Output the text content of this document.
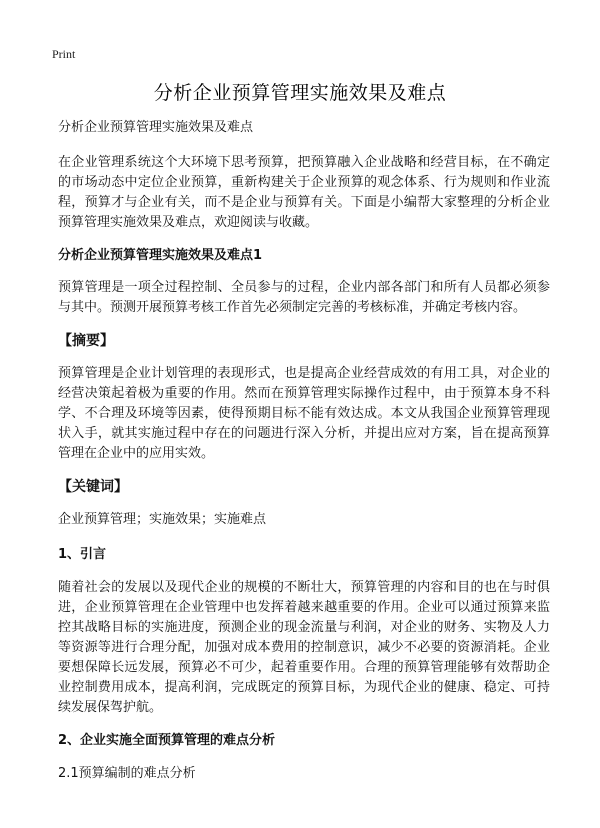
Print
分析企业预算管理实施效果及难点

分析企业预算管理实施效果及难点

在企业管理系统这个大环境下思考预算，把预算融入企业战略和经营目标，在不确定的市场动态中定位企业预算，重新构建关于企业预算的观念体系、行为规则和作业流程，预算才与企业有关，而不是企业与预算有关。下面是小编帮大家整理的分析企业预算管理实施效果及难点，欢迎阅读与收藏。

分析企业预算管理实施效果及难点1

预算管理是一项全过程控制、全员参与的过程，企业内部各部门和所有人员都必须参与其中。预测开展预算考核工作首先必须制定完善的考核标准，并确定考核内容。

【摘要】

预算管理是企业计划管理的表现形式，也是提高企业经营成效的有用工具，对企业的经营决策起着极为重要的作用。然而在预算管理实际操作过程中，由于预算本身不科学、不合理及环境等因素，使得预期目标不能有效达成。本文从我国企业预算管理现状入手，就其实施过程中存在的问题进行深入分析，并提出应对方案，旨在提高预算管理在企业中的应用实效。

【关键词】

企业预算管理；实施效果；实施难点

1、引言

随着社会的发展以及现代企业的规模的不断壮大，预算管理的内容和目的也在与时俱进，企业预算管理在企业管理中也发挥着越来越重要的作用。企业可以通过预算来监控其战略目标的实施进度，预测企业的现金流量与利润，对企业的财务、实物及人力等资源等进行合理分配，加强对成本费用的控制意识，减少不必要的资源消耗。企业要想保障长远发展，预算必不可少，起着重要作用。合理的预算管理能够有效帮助企业控制费用成本，提高利润，完成既定的预算目标，为现代企业的健康、稳定、可持续发展保驾护航。

2、企业实施全面预算管理的难点分析

2.1预算编制的难点分析
